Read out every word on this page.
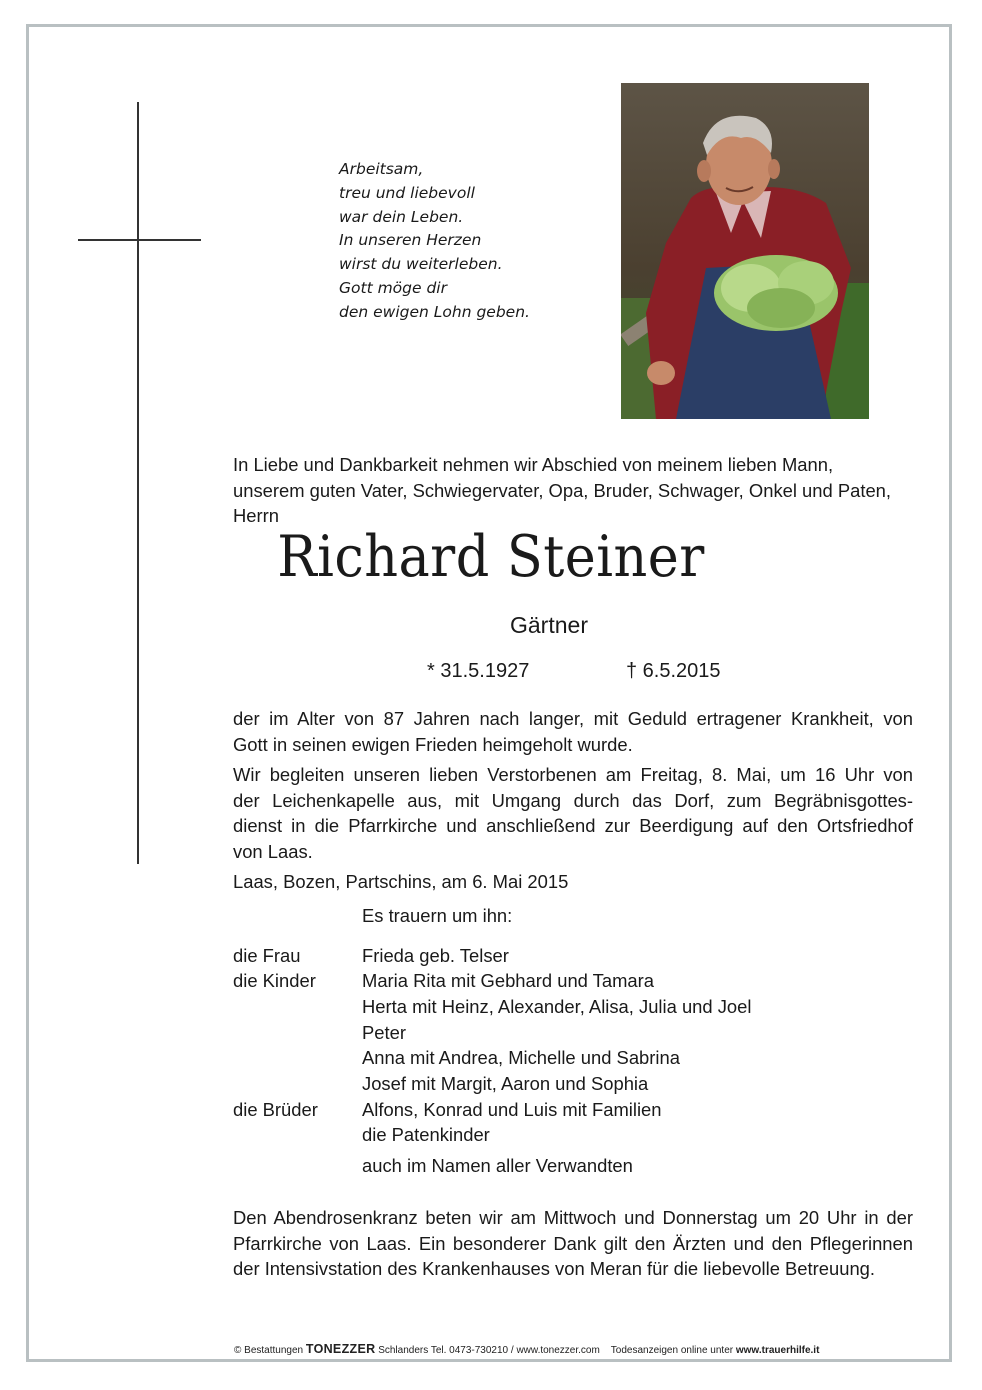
Arbeitsam,
treu und liebevoll
war dein Leben.
In unseren Herzen
wirst du weiterleben.
Gott möge dir
den ewigen Lohn geben.
In Liebe und Dankbarkeit nehmen wir Abschied von meinem lieben Mann,
unserem guten Vater, Schwiegervater, Opa, Bruder, Schwager, Onkel und Paten,
Herrn
Richard Steiner
Gärtner
* 31.5.1927	† 6.5.2015
der im Alter von 87 Jahren nach langer, mit Geduld ertragener Krankheit, von
Gott in seinen ewigen Frieden heimgeholt wurde.
Wir begleiten unseren lieben Verstorbenen am Freitag, 8. Mai, um 16 Uhr von
der Leichenkapelle aus, mit Umgang durch das Dorf, zum Begräbnisgottes-
dienst in die Pfarrkirche und anschließend zur Beerdigung auf den Ortsfriedhof
von Laas.
Laas, Bozen, Partschins, am 6. Mai 2015
Es trauern um ihn:
die Frau
die Kinder
die Brüder
Frieda geb. Telser
Maria Rita mit Gebhard und Tamara
Herta mit Heinz, Alexander, Alisa, Julia und Joel
Peter
Anna mit Andrea, Michelle und Sabrina
Josef mit Margit, Aaron und Sophia
Alfons, Konrad und Luis mit Familien
die Patenkinder
auch im Namen aller Verwandten
Den Abendrosenkranz beten wir am Mittwoch und Donnerstag um 20 Uhr in der
Pfarrkirche von Laas. Ein besonderer Dank gilt den Ärzten und den Pflegerinnen
der Intensivstation des Krankenhauses von Meran für die liebevolle Betreuung.
© Bestattungen TONEZZER Schlanders Tel. 0473-730210 / www.tonezzer.com Todesanzeigen online unter www.trauerhilfe.it
